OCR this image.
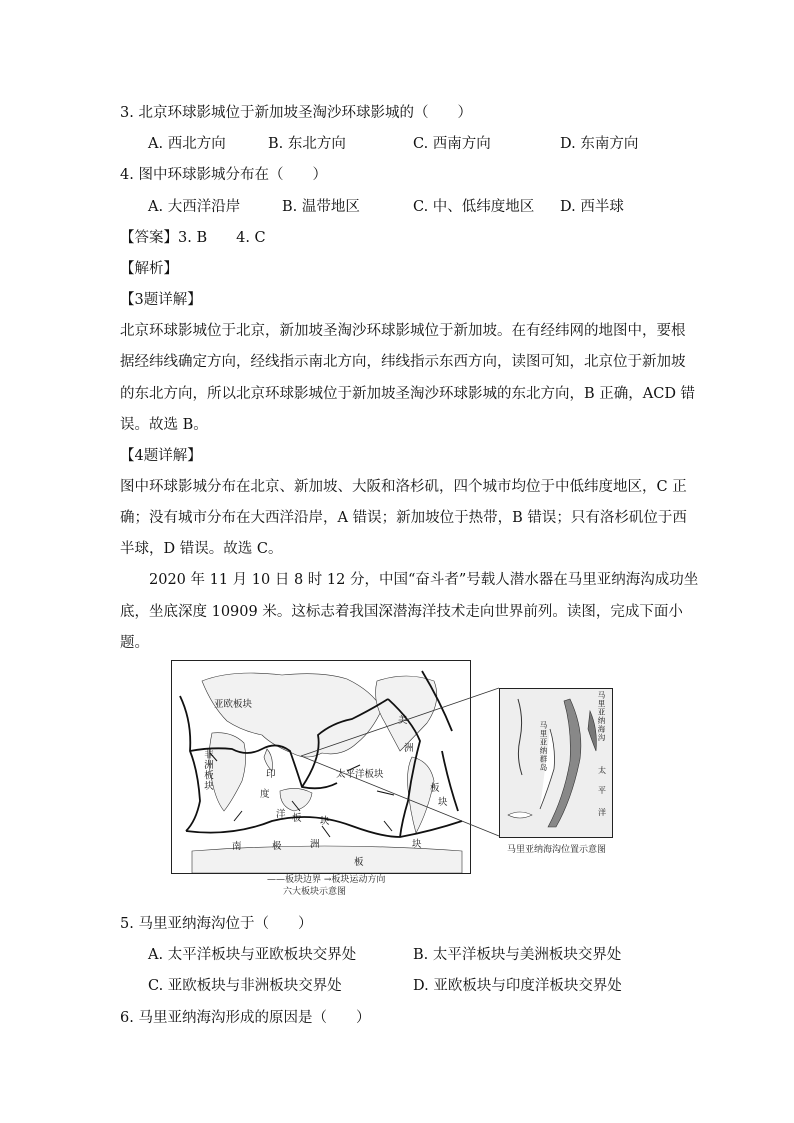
3. 北京环球影城位于新加坡圣淘沙环球影城的（　　）
A. 西北方向	B. 东北方向	C. 西南方向	D. 东南方向
4. 图中环球影城分布在（　　）
A. 大西洋沿岸	B. 温带地区	C. 中、低纬度地区 D. 西半球
【答案】3. B　　4. C
【解析】
【3题详解】
北京环球影城位于北京，新加坡圣淘沙环球影城位于新加坡。在有经纬网的地图中，要根
据经纬线确定方向，经线指示南北方向，纬线指示东西方向，读图可知，北京位于新加坡
的东北方向，所以北京环球影城位于新加坡圣淘沙环球影城的东北方向，B 正确，ACD 错
误。故选 B。
【4题详解】
图中环球影城分布在北京、新加坡、大阪和洛杉矶，四个城市均位于中低纬度地区，C 正
确；没有城市分布在大西洋沿岸，A 错误；新加坡位于热带，B 错误；只有洛杉矶位于西
半球，D 错误。故选 C。
　　2020 年 11 月 10 日 8 时 12 分，中国“奋斗者”号载人潜水器在马里亚纳海沟成功坐
底，坐底深度 10909 米。这标志着我国深潜海洋技术走向世界前列。读图，完成下面小
题。
亚欧板块
太平洋板块
非洲板块	印
度
洋 板 块
美
洲
板
块
南	极	洲
板
块
马里亚纳海沟
马里亚纳群岛	太
平
洋
——板块边界 →板块运动方向
六大板块示意图
马里亚纳海沟位置示意图
5. 马里亚纳海沟位于（　　）
A. 太平洋板块与亚欧板块交界处	B. 太平洋板块与美洲板块交界处
C. 亚欧板块与非洲板块交界处	D. 亚欧板块与印度洋板块交界处
6. 马里亚纳海沟形成的原因是（　　）
